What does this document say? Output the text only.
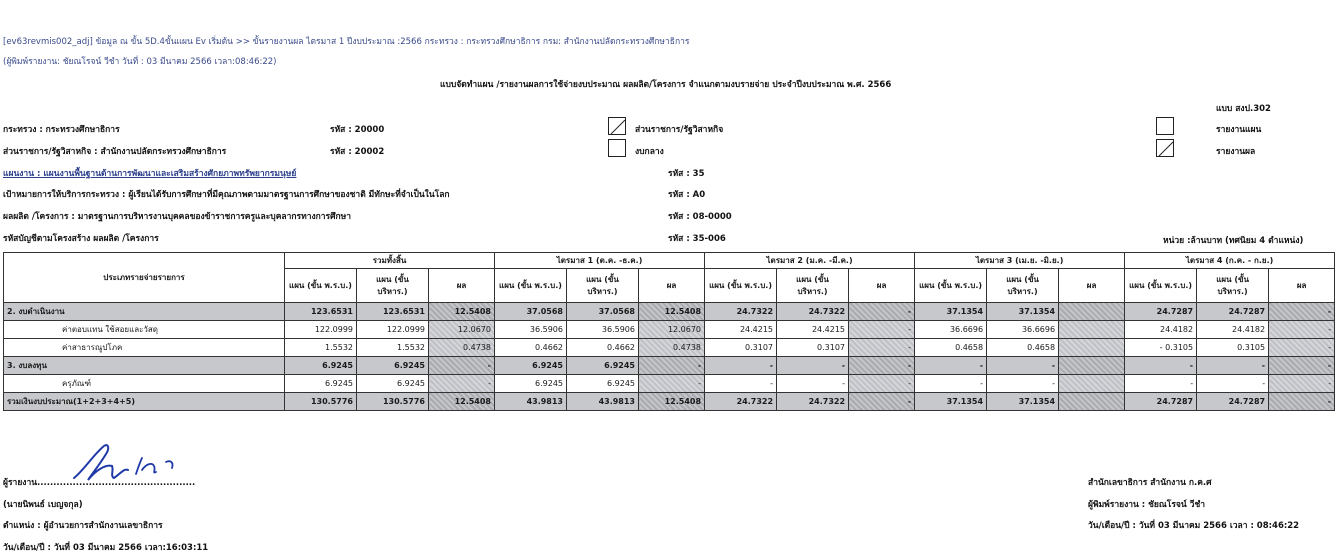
[ev63revmis002_adj] ข้อมูล ณ ขั้น 5D.4ขั้นแผน Ev เริ่มต้น >> ขั้นรายงานผล ไตรมาส 1 ปีงบประมาณ :2566 กระทรวง : กระทรวงศึกษาธิการ กรม: สำนักงานปลัดกระทรวงศึกษาธิการ
(ผู้พิมพ์รายงาน: ชัยณโรจน์ วีชำ วันที่ : 03 มีนาคม 2566 เวลา:08:46:22)
แบบจัดทำแผน /รายงานผลการใช้จ่ายงบประมาณ ผลผลิต/โครงการ จำแนกตามงบรายจ่าย ประจำปีงบประมาณ พ.ศ. 2566
แบบ สงป.302
กระทรวง : กระทรวงศึกษาธิการ	รหัส : 20000
ส่วนราชการ/รัฐวิสาหกิจ : สำนักงานปลัดกระทรวงศึกษาธิการ	รหัส : 20002
แผนงาน : แผนงานพื้นฐานด้านการพัฒนาและเสริมสร้างศักยภาพทรัพยากรมนุษย์	รหัส : 35
เป้าหมายการให้บริการกระทรวง : ผู้เรียนได้รับการศึกษาที่มีคุณภาพตามมาตรฐานการศึกษาของชาติ มีทักษะที่จำเป็นในโลก	รหัส : A0
ผลผลิต /โครงการ : มาตรฐานการบริหารงานบุคคลของข้าราชการครูและบุคลากรทางการศึกษา	รหัส : 08-0000
รหัสบัญชีตามโครงสร้าง ผลผลิต /โครงการ	รหัส : 35-006	หน่วย :ล้านบาท (ทศนิยม 4 ตำแหน่ง)
ส่วนราชการ/รัฐวิสาหกิจ
งบกลาง
รายงานแผน
รายงานผล
ประเภทรายจ่ายรายการ	รวมทั้งสิ้น			ไตรมาส 1 (ต.ค. -ธ.ค.)			ไตรมาส 2 (ม.ค. -มี.ค.)			ไตรมาส 3 (เม.ย. -มิ.ย.)			ไตรมาส 4 (ก.ค. - ก.ย.)		
	แผน (ขั้น พ.ร.บ.)	แผน (ขั้น บริหาร.)	ผล	แผน (ขั้น พ.ร.บ.)	แผน (ขั้น บริหาร.)	ผล	แผน (ขั้น พ.ร.บ.)	แผน (ขั้น บริหาร.)	ผล	แผน (ขั้น พ.ร.บ.)	แผน (ขั้น บริหาร.)	ผล	แผน (ขั้น พ.ร.บ.)	แผน (ขั้น บริหาร.)	ผล
2. งบดำเนินงาน	123.6531	123.6531	12.5408	37.0568	37.0568	12.5408	24.7322	24.7322	-	37.1354	37.1354		24.7287	24.7287	-
ค่าตอบแทน ใช้สอยและวัสดุ	122.0999	122.0999	12.0670	36.5906	36.5906	12.0670	24.4215	24.4215	-	36.6696	36.6696		24.4182	24.4182	-
ค่าสาธารณูปโภค	1.5532	1.5532	0.4738	0.4662	0.4662	0.4738	0.3107	0.3107	-	0.4658	0.4658		- 0.3105	0.3105	-
3. งบลงทุน	6.9245	6.9245	-	6.9245	6.9245	-	-	-	-	-	-		-	-	-
ครุภัณฑ์	6.9245	6.9245	-	6.9245	6.9245	-	-	-	-	-	-		-	-	-
รวมเงินงบประมาณ(1+2+3+4+5)	130.5776	130.5776	12.5408	43.9813	43.9813	12.5408	24.7322	24.7322	-	37.1354	37.1354		24.7287	24.7287	-
ผู้รายงาน.................................................
(นายนิพนธ์ เบญจกุล)
ตำแหน่ง : ผู้อำนวยการสำนักงานเลขาธิการ
วัน/เดือน/ปี : วันที่ 03 มีนาคม 2566 เวลา:16:03:11
สำนักเลขาธิการ สำนักงาน ก.ค.ศ
ผู้พิมพ์รายงาน : ชัยณโรจน์ วีชำ
วัน/เดือน/ปี : วันที่ 03 มีนาคม 2566 เวลา : 08:46:22
